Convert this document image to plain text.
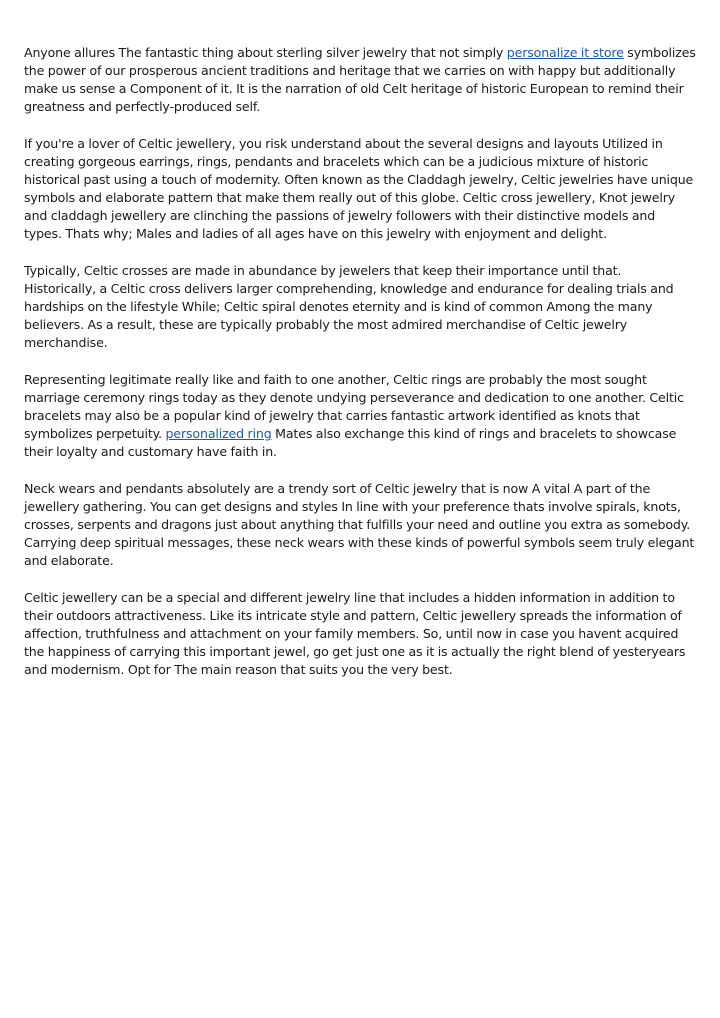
Anyone allures The fantastic thing about sterling silver jewelry that not simply personalize it store symbolizes the power of our prosperous ancient traditions and heritage that we carries on with happy but additionally make us sense a Component of it. It is the narration of old Celt heritage of historic European to remind their greatness and perfectly-produced self.

If you're a lover of Celtic jewellery, you risk understand about the several designs and layouts Utilized in creating gorgeous earrings, rings, pendants and bracelets which can be a judicious mixture of historic historical past using a touch of modernity. Often known as the Claddagh jewelry, Celtic jewelries have unique symbols and elaborate pattern that make them really out of this globe. Celtic cross jewellery, Knot jewelry and claddagh jewellery are clinching the passions of jewelry followers with their distinctive models and types. Thats why; Males and ladies of all ages have on this jewelry with enjoyment and delight.

Typically, Celtic crosses are made in abundance by jewelers that keep their importance until that. Historically, a Celtic cross delivers larger comprehending, knowledge and endurance for dealing trials and hardships on the lifestyle While; Celtic spiral denotes eternity and is kind of common Among the many believers. As a result, these are typically probably the most admired merchandise of Celtic jewelry merchandise.

Representing legitimate really like and faith to one another, Celtic rings are probably the most sought marriage ceremony rings today as they denote undying perseverance and dedication to one another. Celtic bracelets may also be a popular kind of jewelry that carries fantastic artwork identified as knots that symbolizes perpetuity. personalized ring Mates also exchange this kind of rings and bracelets to showcase their loyalty and customary have faith in.

Neck wears and pendants absolutely are a trendy sort of Celtic jewelry that is now A vital A part of the jewellery gathering. You can get designs and styles In line with your preference thats involve spirals, knots, crosses, serpents and dragons just about anything that fulfills your need and outline you extra as somebody. Carrying deep spiritual messages, these neck wears with these kinds of powerful symbols seem truly elegant and elaborate.

Celtic jewellery can be a special and different jewelry line that includes a hidden information in addition to their outdoors attractiveness. Like its intricate style and pattern, Celtic jewellery spreads the information of affection, truthfulness and attachment on your family members. So, until now in case you havent acquired the happiness of carrying this important jewel, go get just one as it is actually the right blend of yesteryears and modernism. Opt for The main reason that suits you the very best.
